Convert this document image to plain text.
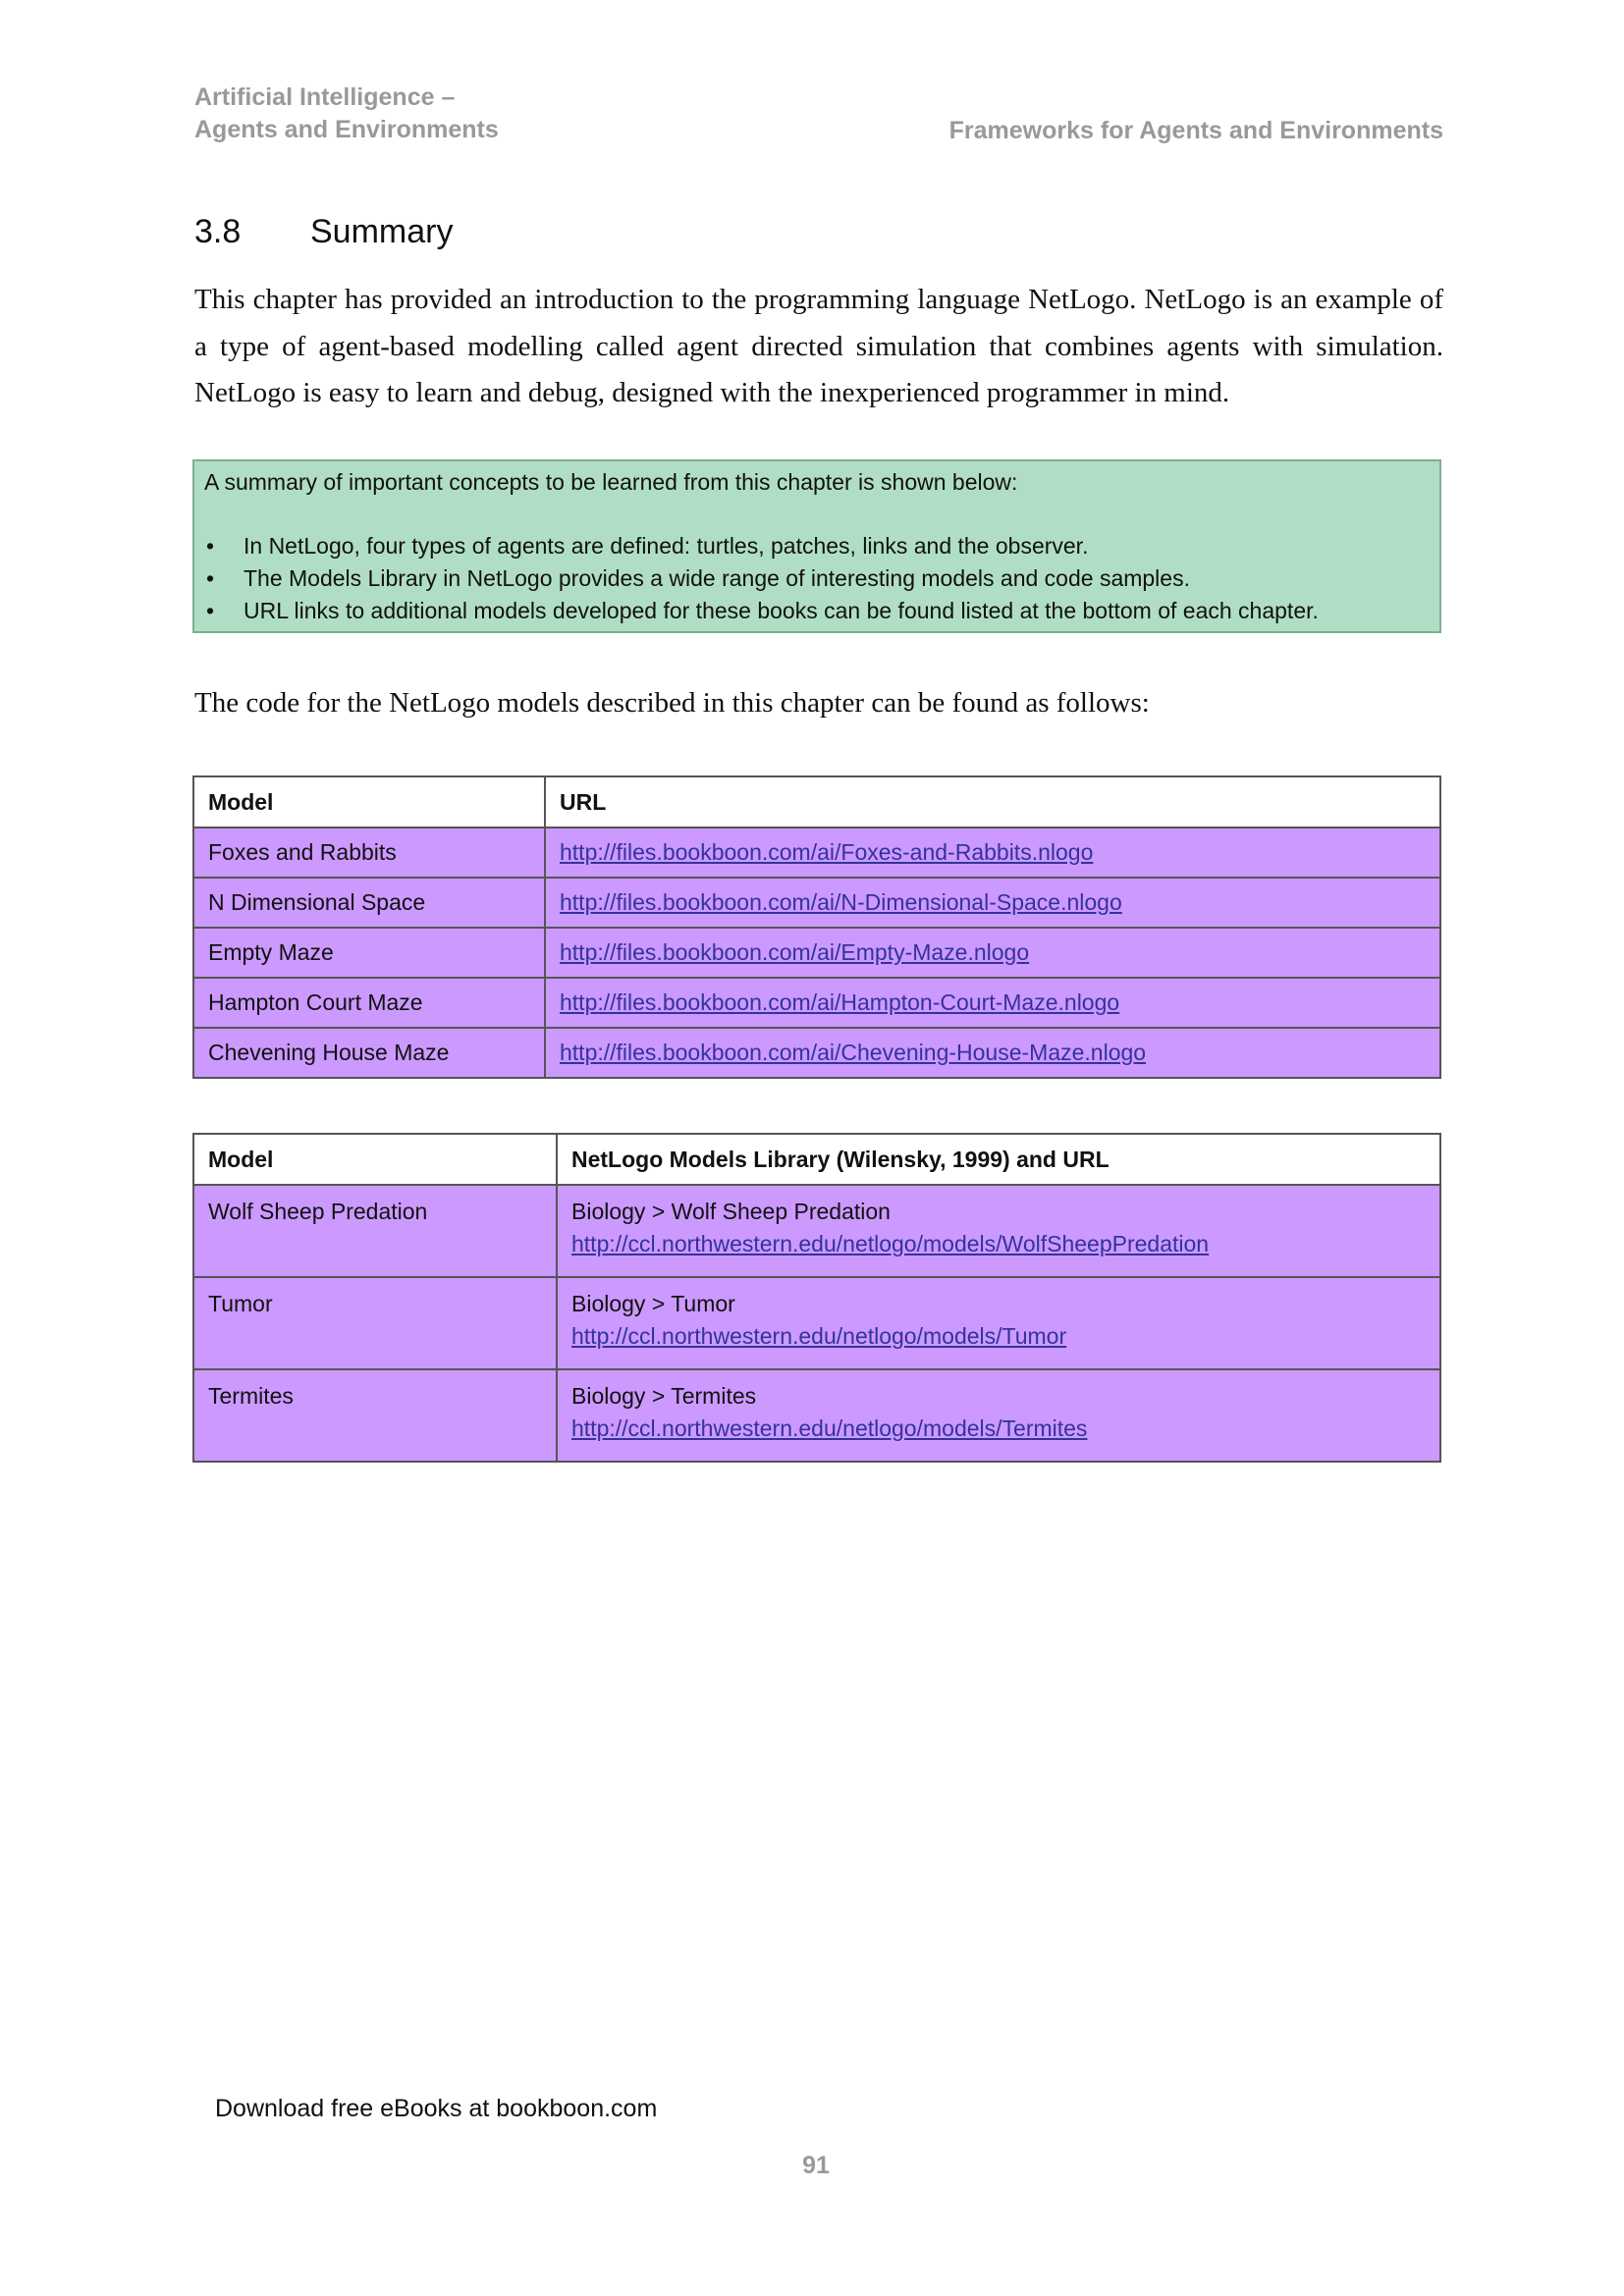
Artificial Intelligence –
Agents and Environments	Frameworks for Agents and Environments
3.8 Summary
This chapter has provided an introduction to the programming language NetLogo. NetLogo is an example of a type of agent-based modelling called agent directed simulation that combines agents with simulation. NetLogo is easy to learn and debug, designed with the inexperienced programmer in mind.
A summary of important concepts to be learned from this chapter is shown below:
• In NetLogo, four types of agents are defined: turtles, patches, links and the observer.
• The Models Library in NetLogo provides a wide range of interesting models and code samples.
• URL links to additional models developed for these books can be found listed at the bottom of each chapter.
The code for the NetLogo models described in this chapter can be found as follows:
Model	URL
Foxes and Rabbits	http://files.bookboon.com/ai/Foxes-and-Rabbits.nlogo
N Dimensional Space	http://files.bookboon.com/ai/N-Dimensional-Space.nlogo
Empty Maze	http://files.bookboon.com/ai/Empty-Maze.nlogo
Hampton Court Maze	http://files.bookboon.com/ai/Hampton-Court-Maze.nlogo
Chevening House Maze	http://files.bookboon.com/ai/Chevening-House-Maze.nlogo
Model	NetLogo Models Library (Wilensky, 1999) and URL
Wolf Sheep Predation	Biology > Wolf Sheep Predation
http://ccl.northwestern.edu/netlogo/models/WolfSheepPredation
Tumor	Biology > Tumor
http://ccl.northwestern.edu/netlogo/models/Tumor
Termites	Biology > Termites
http://ccl.northwestern.edu/netlogo/models/Termites
Download free eBooks at bookboon.com
91
